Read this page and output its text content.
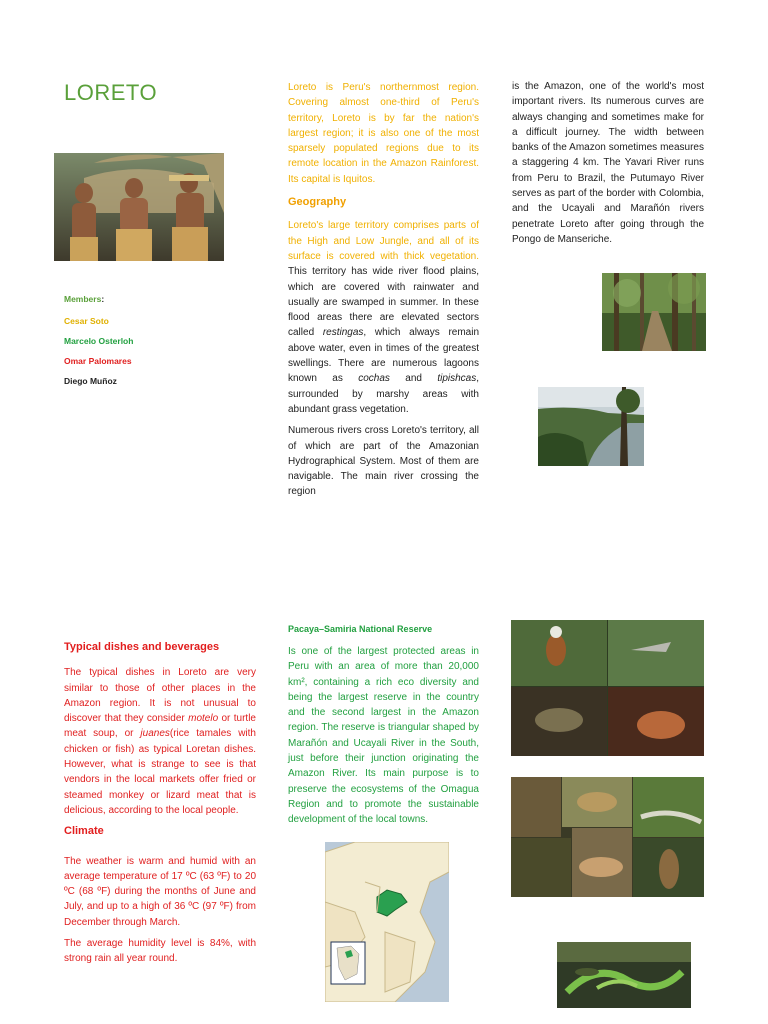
LORETO

Members:

Cesar Soto

Marcelo Osterloh

Omar Palomares

Diego Muñoz

Loreto is Peru's northernmost region. Covering almost one-third of Peru's territory, Loreto is by far the nation's largest region; it is also one of the most sparsely populated regions due to its remote location in the Amazon Rainforest. Its capital is Iquitos.

Geography

Loreto's large territory comprises parts of the High and Low Jungle, and all of its surface is covered with thick vegetation. This territory has wide river flood plains, which are covered with rainwater and usually are swamped in summer. In these flood areas there are elevated sectors called restingas, which always remain above water, even in times of the greatest swellings. There are numerous lagoons known as cochas and tipishcas, surrounded by marshy areas with abundant grass vegetation.

Numerous rivers cross Loreto's territory, all of which are part of the Amazonian Hydrographical System. Most of them are navigable. The main river crossing the region

is the Amazon, one of the world's most important rivers. Its numerous curves are always changing and sometimes make for a difficult journey. The width between banks of the Amazon sometimes measures a staggering 4 km. The Yavari River runs from Peru to Brazil, the Putumayo River serves as part of the border with Colombia, and the Ucayali and Marañón rivers penetrate Loreto after going through the Pongo de Manseriche.

Typical dishes and beverages

The typical dishes in Loreto are very similar to those of other places in the Amazon region. It is not unusual to discover that they consider motelo or turtle meat soup, or juanes(rice tamales with chicken or fish) as typical Loretan dishes. However, what is strange to see is that vendors in the local markets offer fried or steamed monkey or lizard meat that is delicious, according to the local people.

Climate

The weather is warm and humid with an average temperature of 17 ºC (63 ºF) to 20 ºC (68 ºF) during the months of June and July, and up to a high of 36 ºC (97 ºF) from December through March.

The average humidity level is 84%, with strong rain all year round.

Pacaya–Samiria National Reserve

Is one of the largest protected areas in Peru with an area of more than 20,000 km², containing a rich eco diversity and being the largest reserve in the country and the second largest in the Amazon region. The reserve is triangular shaped by Marañón and Ucayali River in the South, just before their junction originating the Amazon River. Its main purpose is to preserve the ecosystems of the Omagua Region and to promote the sustainable development of the local towns.
